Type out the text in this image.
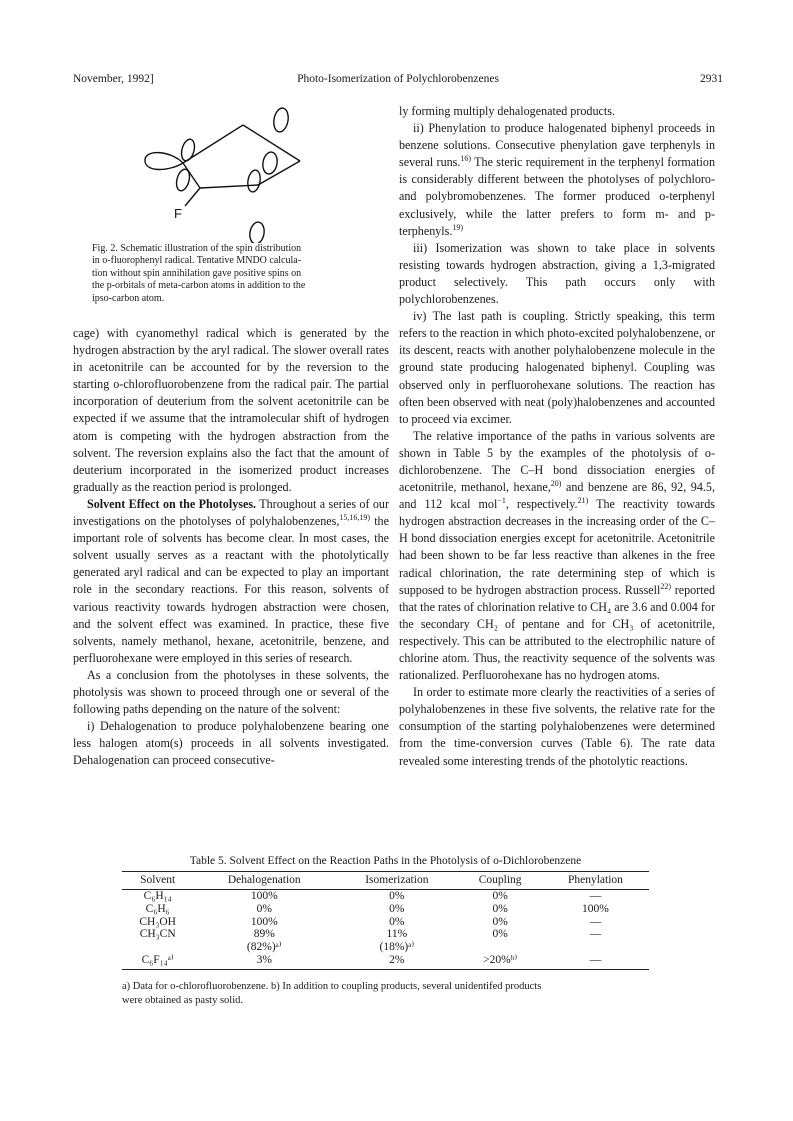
November, 1992]	Photo-Isomerization of Polychlorobenzenes	2931
F
Fig. 2. Schematic illustration of the spin distribution
in o-fluorophenyl radical. Tentative MNDO calcula-
tion without spin annihilation gave positive spins on
the p-orbitals of meta-carbon atoms in addition to the
ipso-carbon atom.

cage) with cyanomethyl radical which is generated by the hydrogen abstraction by the aryl radical. The slower overall rates in acetonitrile can be accounted for by the reversion to the starting o-chlorofluorobenzene from the radical pair. The partial incorporation of deuterium from the solvent acetonitrile can be expected if we assume that the intramolecular shift of hydrogen atom is competing with the hydrogen abstraction from the solvent. The reversion explains also the fact that the amount of deuterium incorporated in the isomerized product increases gradually as the reaction period is prolonged.

Solvent Effect on the Photolyses. Throughout a series of our investigations on the photolyses of polyhalobenzenes,$^{15,16,19)}$ the important role of solvents has become clear. In most cases, the solvent usually serves as a reactant with the photolytically generated aryl radical and can be expected to play an important role in the secondary reactions. For this reason, solvents of various reactivity towards hydrogen abstraction were chosen, and the solvent effect was examined. In practice, these five solvents, namely methanol, hexane, acetonitrile, benzene, and perfluorohexane were employed in this series of research.

As a conclusion from the photolyses in these solvents, the photolysis was shown to proceed through one or several of the following paths depending on the nature of the solvent:

i) Dehalogenation to produce polyhalobenzene bearing one less halogen atom(s) proceeds in all solvents investigated. Dehalogenation can proceed consecutive-

ly forming multiply dehalogenated products.

ii) Phenylation to produce halogenated biphenyl proceeds in benzene solutions. Consecutive phenylation gave terphenyls in several runs.$^{16)}$ The steric requirement in the terphenyl formation is considerably different between the photolyses of polychloro- and polybromobenzenes. The former produced o-terphenyl exclusively, while the latter prefers to form m- and p-terphenyls.$^{19)}$

iii) Isomerization was shown to take place in solvents resisting towards hydrogen abstraction, giving a 1,3-migrated product selectively. This path occurs only with polychlorobenzenes.

iv) The last path is coupling. Strictly speaking, this term refers to the reaction in which photo-excited polyhalobenzene, or its descent, reacts with another polyhalobenzene molecule in the ground state producing halogenated biphenyl. Coupling was observed only in perfluorohexane solutions. The reaction has often been observed with neat (poly)halobenzenes and accounted to proceed via excimer.

The relative importance of the paths in various solvents are shown in Table 5 by the examples of the photolysis of o-dichlorobenzene. The C–H bond dissociation energies of acetonitrile, methanol, hexane,$^{20)}$ and benzene are 86, 92, 94.5, and 112 kcal mol$^{-1}$, respectively.$^{21)}$ The reactivity towards hydrogen abstraction decreases in the increasing order of the C–H bond dissociation energies except for acetonitrile. Acetonitrile had been shown to be far less reactive than alkenes in the free radical chlorination, the rate determining step of which is supposed to be hydrogen abstraction process. Russell$^{22)}$ reported that the rates of chlorination relative to CH₄ are 3.6 and 0.004 for the secondary CH₂ of pentane and for CH₃ of acetonitrile, respectively. This can be attributed to the electrophilic nature of chlorine atom. Thus, the reactivity sequence of the solvents was rationalized. Perfluorohexane has no hydrogen atoms.

In order to estimate more clearly the reactivities of a series of polyhalobenzenes in these five solvents, the relative rate for the consumption of the starting polyhalobenzenes were determined from the time-conversion curves (Table 6). The rate data revealed some interesting trends of the photolytic reactions.

Table 5. Solvent Effect on the Reaction Paths in the Photolysis of o-Dichlorobenzene
Solvent	Dehalogenation	Isomerization	Coupling	Phenylation
C₆H₁₄	100%	0%	0%	—
C₆H₆	0%	0%	0%	100%
CH₃OH	100%	0%	0%	—
CH₃CN	89%	11%	0%	—
	(82%)ᵃ⁾	(18%)ᵃ⁾		
C₆F₁₄ᵃ⁾	3%	2%	>20%ᵇ⁾	—
a) Data for o-chlorofluorobenzene. b) In addition to coupling products, several unidentifed products
were obtained as pasty solid.
